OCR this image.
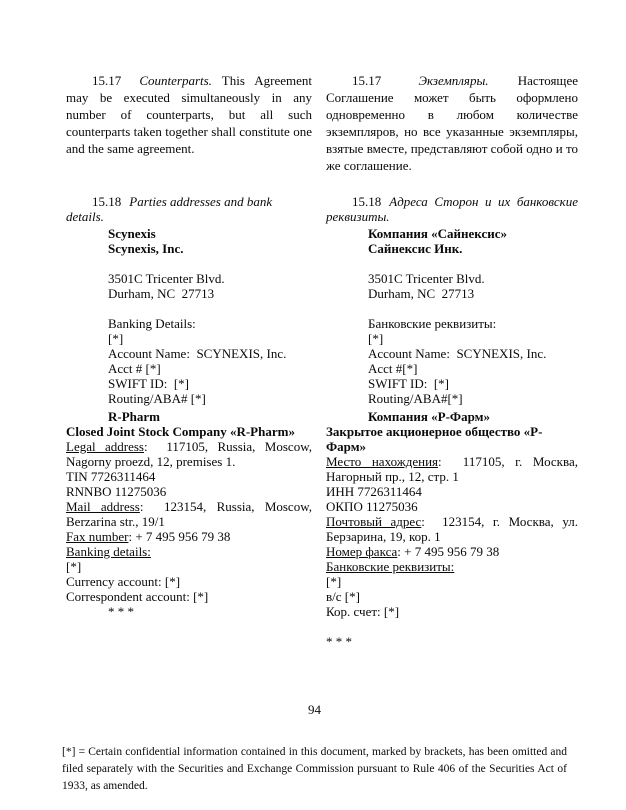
15.17 Counterparts. This Agreement may be executed simultaneously in any number of counterparts, but all such counterparts taken together shall constitute one and the same agreement.

15.18 Parties addresses and bank details.
Scynexis
Scynexis, Inc.
3501C Tricenter Blvd.
Durham, NC  27713
Banking Details:
[*]
Account Name:  SCYNEXIS, Inc.
Acct # [*]
SWIFT ID:  [*]
Routing/ABA# [*]
R-Pharm
Closed Joint Stock Company «R-Pharm»
Legal address:  117105, Russia, Moscow,
Nagorny proezd, 12, premises 1.
TIN 7726311464
RNNBO 11275036
Mail address:  123154, Russia, Moscow,
Berzarina str., 19/1
Fax number: + 7 495 956 79 38
Banking details:
[*]
Currency account: [*]
Correspondent account: [*]
* * *

15.17	Экземпляры. Настоящее Соглашение может быть оформлено одновременно в любом количестве экземпляров, но все указанные экземпляры, взятые вместе, представляют собой одно и то же соглашение.

15.18 Адреса Сторон и их банковские
реквизиты.
Компания «Сайнексис»
Сайнексис Инк.
3501C Tricenter Blvd.
Durham, NC  27713
Банковские реквизиты:
[*]
Account Name:  SCYNEXIS, Inc.
Acct #[*]
SWIFT ID:  [*]
Routing/ABA#[*]
Компания «Р-Фарм»
Закрытое акционерное общество «Р-Фарм»
Место нахождения:  117105, г. Москва,
Нагорный пр., 12, стр. 1
ИНН 7726311464
ОКПО 11275036
Почтовый адрес:  123154, г. Москва, ул.
Берзарина, 19, кор. 1
Номер факса: + 7 495 956 79 38
Банковские реквизиты:
[*]
в/с [*]
Кор. счет: [*]
* * *
94

[*] = Certain confidential information contained in this document, marked by brackets, has been omitted and filed separately with the Securities and Exchange Commission pursuant to Rule 406 of the Securities Act of 1933, as amended.
